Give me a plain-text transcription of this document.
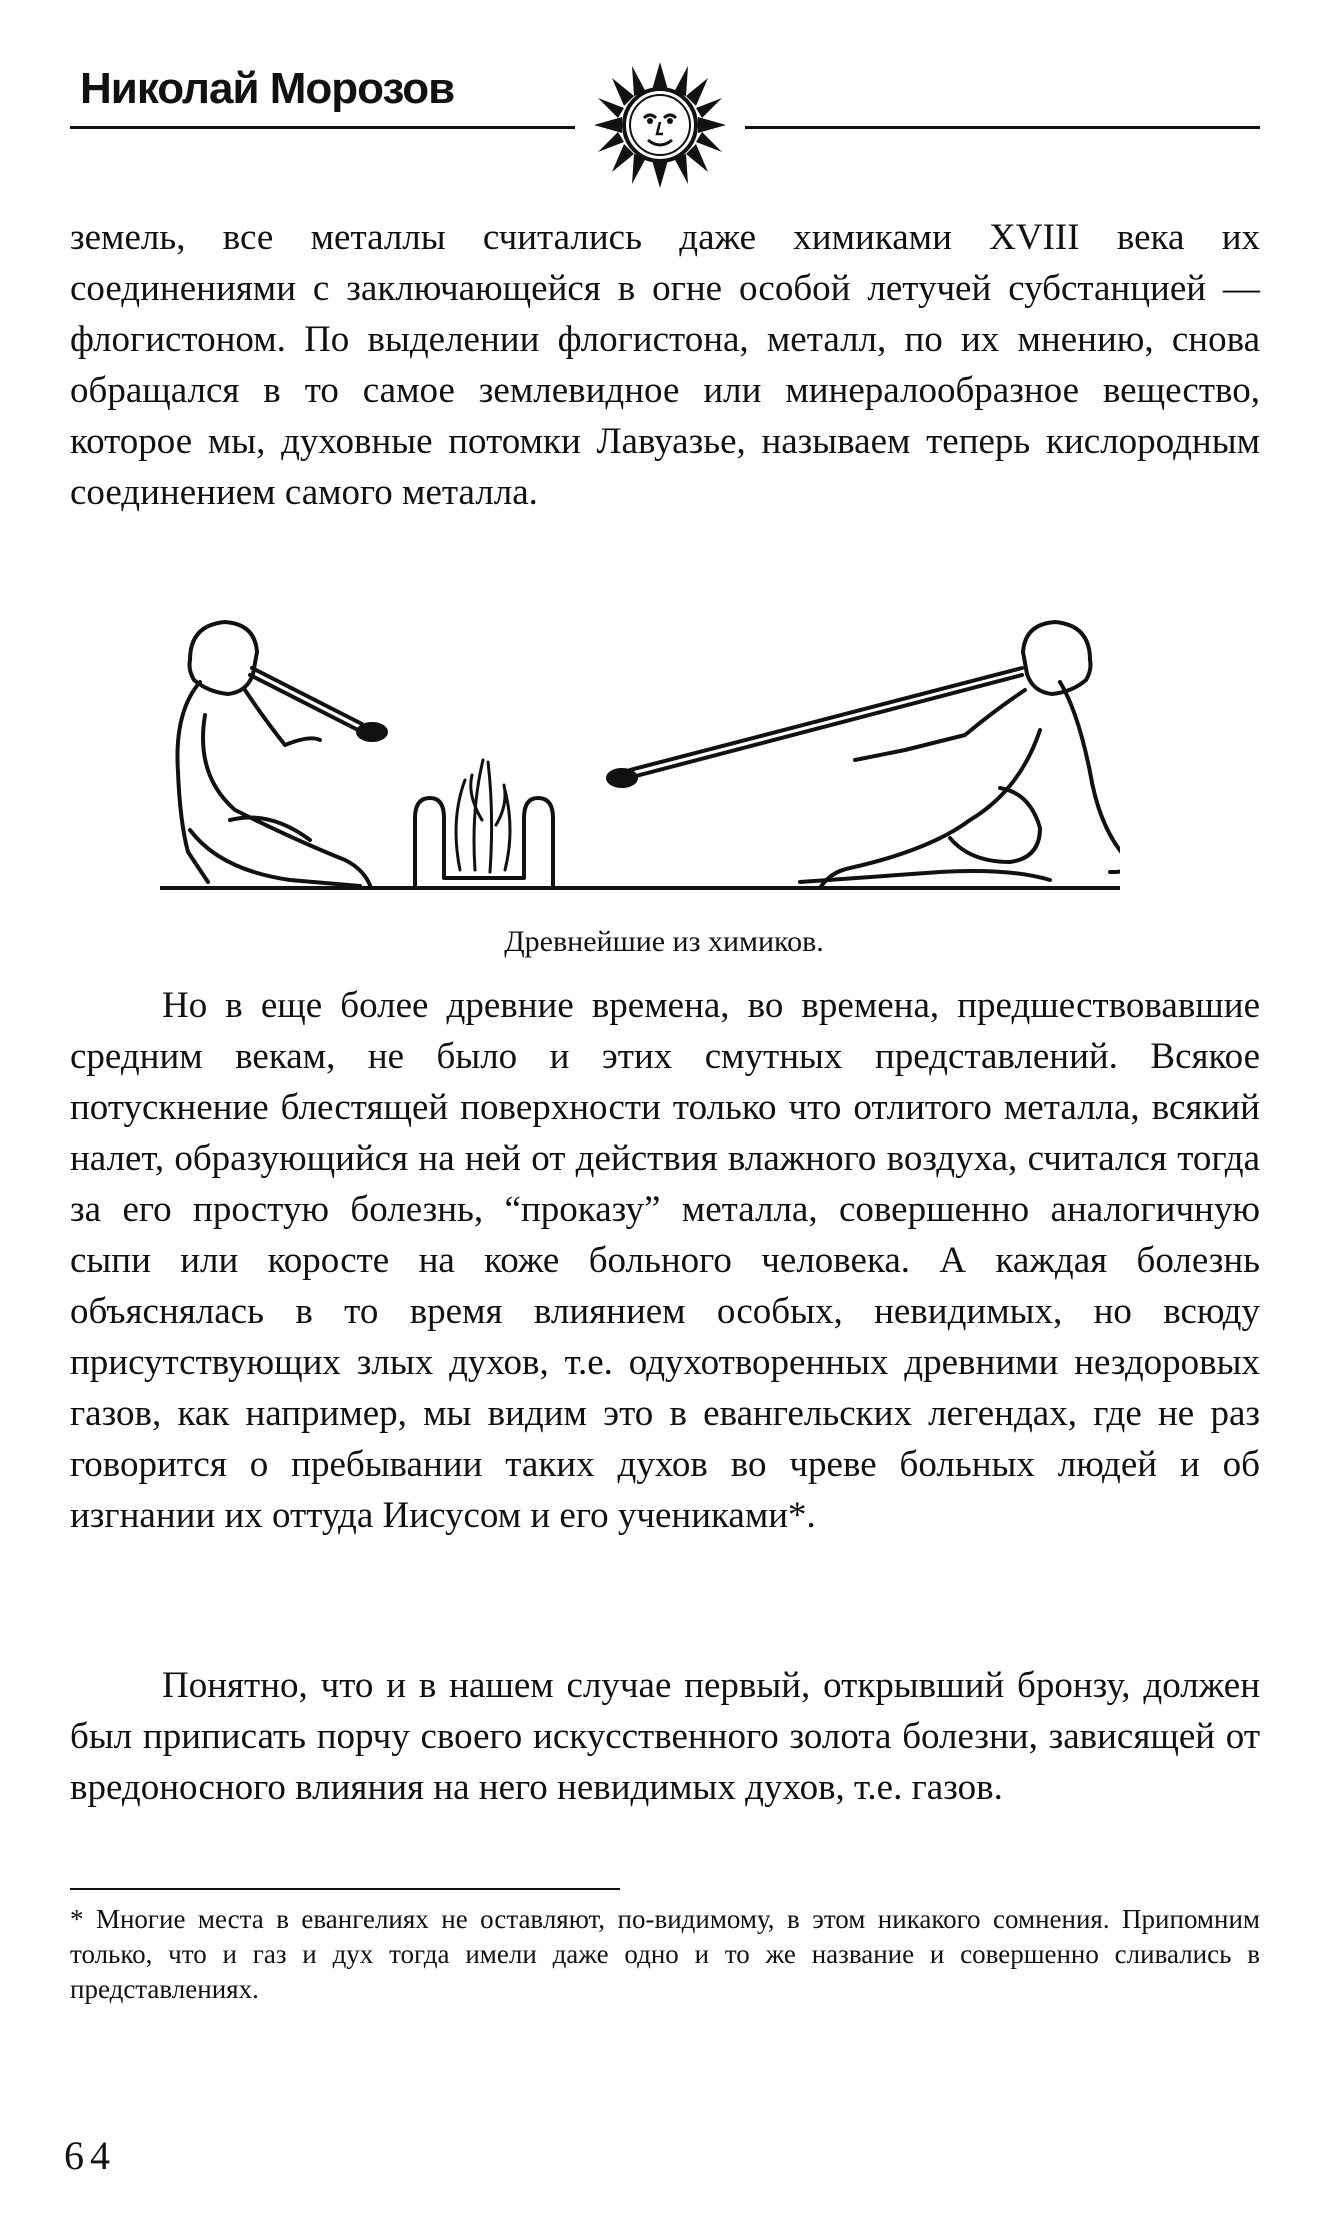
Николай Морозов

земель, все металлы считались даже химиками XVIII века их соединениями с заключающейся в огне особой летучей субстанцией — флогистоном. По выделении флогистона, металл, по их мнению, снова обращался в то самое землевидное или минералообразное вещество, которое мы, духовные потомки Лавуазье, называем теперь кислородным соединением самого металла.

Древнейшие из химиков.

Но в еще более древние времена, во времена, предшествовавшие средним векам, не было и этих смутных представлений. Всякое потускнение блестящей поверхности только что отлитого металла, всякий налет, образующийся на ней от действия влажного воздуха, считался тогда за его простую болезнь, “проказу” металла, совершенно аналогичную сыпи или коросте на коже больного человека. А каждая болезнь объяснялась в то время влиянием особых, невидимых, но всюду присутствующих злых духов, т.е. одухотворенных древними нездоровых газов, как например, мы видим это в евангельских легендах, где не раз говорится о пребывании таких духов во чреве больных людей и об изгнании их оттуда Иисусом и его учениками*.

Понятно, что и в нашем случае первый, открывший бронзу, должен был приписать порчу своего искусственного золота болезни, зависящей от вредоносного влияния на него невидимых духов, т.е. газов.

* Многие места в евангелиях не оставляют, по-видимому, в этом никакого сомнения. Припомним только, что и газ и дух тогда имели даже одно и то же название и совершенно сливались в представлениях.

64
